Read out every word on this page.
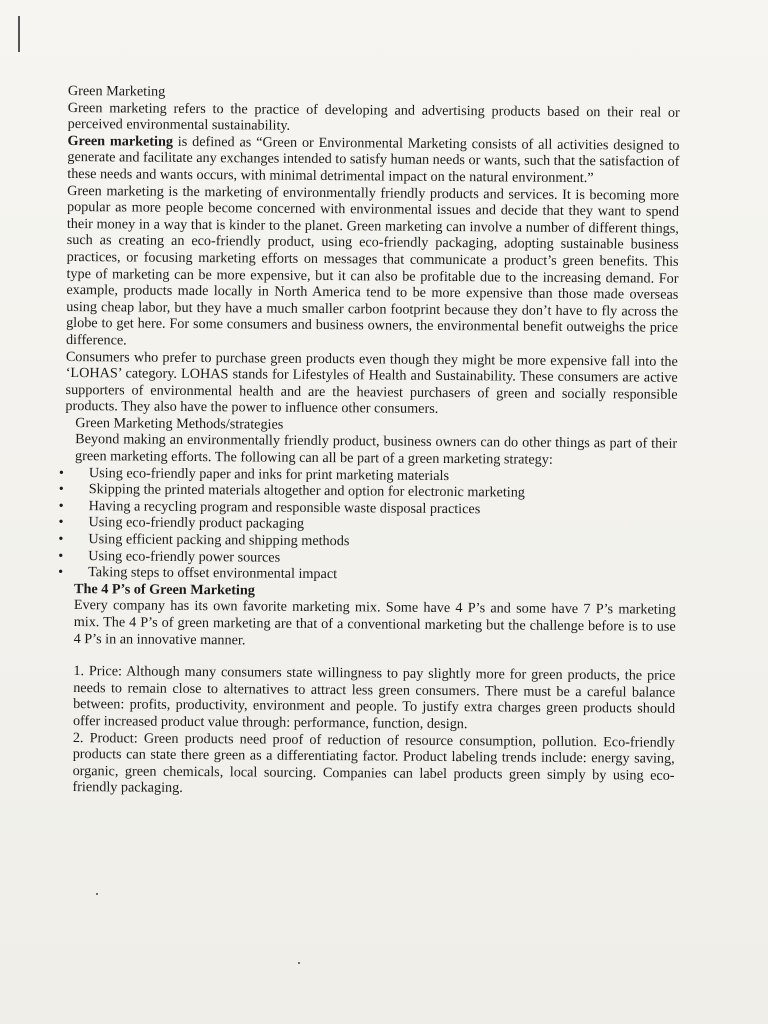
Green Marketing

Green marketing refers to the practice of developing and advertising products based on their real or perceived environmental sustainability.

Green marketing is defined as “Green or Environmental Marketing consists of all activities designed to generate and facilitate any exchanges intended to satisfy human needs or wants, such that the satisfaction of these needs and wants occurs, with minimal detrimental impact on the natural environment.”

Green marketing is the marketing of environmentally friendly products and services. It is becoming more popular as more people become concerned with environmental issues and decide that they want to spend their money in a way that is kinder to the planet. Green marketing can involve a number of different things, such as creating an eco-friendly product, using eco-friendly packaging, adopting sustainable business practices, or focusing marketing efforts on messages that communicate a product’s green benefits. This type of marketing can be more expensive, but it can also be profitable due to the increasing demand. For example, products made locally in North America tend to be more expensive than those made overseas using cheap labor, but they have a much smaller carbon footprint because they don’t have to fly across the globe to get here. For some consumers and business owners, the environmental benefit outweighs the price difference.

Consumers who prefer to purchase green products even though they might be more expensive fall into the ‘LOHAS’ category. LOHAS stands for Lifestyles of Health and Sustainability. These consumers are active supporters of environmental health and are the heaviest purchasers of green and socially responsible products. They also have the power to influence other consumers.

Green Marketing Methods/strategies

Beyond making an environmentally friendly product, business owners can do other things as part of their green marketing efforts. The following can all be part of a green marketing strategy:

• Using eco-friendly paper and inks for print marketing materials
• Skipping the printed materials altogether and option for electronic marketing
• Having a recycling program and responsible waste disposal practices
• Using eco-friendly product packaging
• Using efficient packing and shipping methods
• Using eco-friendly power sources
• Taking steps to offset environmental impact

The 4 P’s of Green Marketing

Every company has its own favorite marketing mix. Some have 4 P’s and some have 7 P’s marketing mix. The 4 P’s of green marketing are that of a conventional marketing but the challenge before is to use 4 P’s in an innovative manner.

1. Price: Although many consumers state willingness to pay slightly more for green products, the price needs to remain close to alternatives to attract less green consumers. There must be a careful balance between: profits, productivity, environment and people. To justify extra charges green products should offer increased product value through: performance, function, design.

2. Product: Green products need proof of reduction of resource consumption, pollution. Eco-friendly products can state there green as a differentiating factor. Product labeling trends include: energy saving, organic, green chemicals, local sourcing. Companies can label products green simply by using eco-friendly packaging.
